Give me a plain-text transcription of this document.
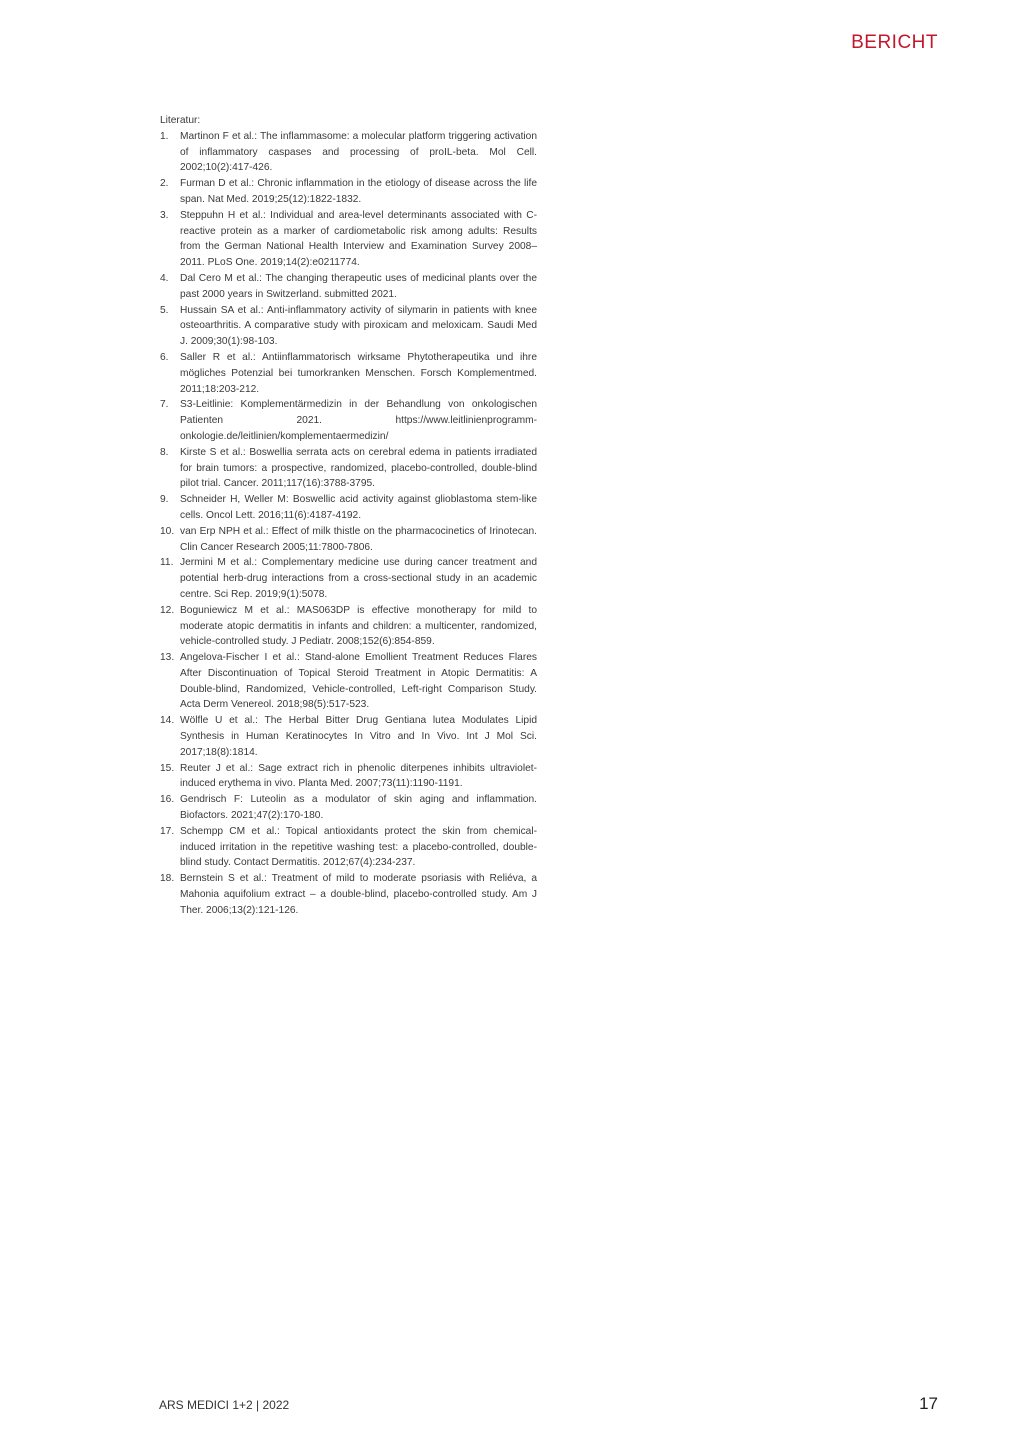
BERICHT
Literatur:
1.	Martinon F et al.: The inflammasome: a molecular platform triggering activation of inflammatory caspases and processing of proIL-beta. Mol Cell. 2002;10(2):417-426.
2.	Furman D et al.: Chronic inflammation in the etiology of disease across the life span. Nat Med. 2019;25(12):1822-1832.
3.	Steppuhn H et al.: Individual and area-level determinants associated with C-reactive protein as a marker of cardiometabolic risk among adults: Results from the German National Health Interview and Examination Survey 2008–2011. PLoS One. 2019;14(2):e0211774.
4.	Dal Cero M et al.: The changing therapeutic uses of medicinal plants over the past 2000 years in Switzerland. submitted 2021.
5.	Hussain SA et al.: Anti-inflammatory activity of silymarin in patients with knee osteoarthritis. A comparative study with piroxicam and meloxicam. Saudi Med J. 2009;30(1):98-103.
6.	Saller R et al.: Antiinflammatorisch wirksame Phytotherapeutika und ihre mögliches Potenzial bei tumorkranken Menschen. Forsch Komplementmed. 2011;18:203-212.
7.	S3-Leitlinie: Komplementärmedizin in der Behandlung von onkologischen Patienten 2021. https://www.leitlinienprogramm-onkologie.de/leitlinien/komplementaermedizin/
8.	Kirste S et al.: Boswellia serrata acts on cerebral edema in patients irradiated for brain tumors: a prospective, randomized, placebo-controlled, double-blind pilot trial. Cancer. 2011;117(16):3788-3795.
9.	Schneider H, Weller M: Boswellic acid activity against glioblastoma stem-like cells. Oncol Lett. 2016;11(6):4187-4192.
10. van Erp NPH et al.: Effect of milk thistle on the pharmacocinetics of Irinotecan. Clin Cancer Research 2005;11:7800-7806.
11. Jermini M et al.: Complementary medicine use during cancer treatment and potential herb-drug interactions from a cross-sectional study in an academic centre. Sci Rep. 2019;9(1):5078.
12. Boguniewicz M et al.: MAS063DP is effective monotherapy for mild to moderate atopic dermatitis in infants and children: a multicenter, randomized, vehicle-controlled study. J Pediatr. 2008;152(6):854-859.
13. Angelova-Fischer I et al.: Stand-alone Emollient Treatment Reduces Flares After Discontinuation of Topical Steroid Treatment in Atopic Dermatitis: A Double-blind, Randomized, Vehicle-controlled, Left-right Comparison Study. Acta Derm Venereol. 2018;98(5):517-523.
14. Wölfle U et al.: The Herbal Bitter Drug Gentiana lutea Modulates Lipid Synthesis in Human Keratinocytes In Vitro and In Vivo. Int J Mol Sci. 2017;18(8):1814.
15. Reuter J et al.: Sage extract rich in phenolic diterpenes inhibits ultraviolet-induced erythema in vivo. Planta Med. 2007;73(11):1190-1191.
16. Gendrisch F: Luteolin as a modulator of skin aging and inflammation. Biofactors. 2021;47(2):170-180.
17. Schempp CM et al.: Topical antioxidants protect the skin from chemical-induced irritation in the repetitive washing test: a placebo-controlled, double-blind study. Contact Dermatitis. 2012;67(4):234-237.
18. Bernstein S et al.: Treatment of mild to moderate psoriasis with Reliéva, a Mahonia aquifolium extract – a double-blind, placebo-controlled study. Am J Ther. 2006;13(2):121-126.
ARS MEDICI 1+2 | 2022	17
